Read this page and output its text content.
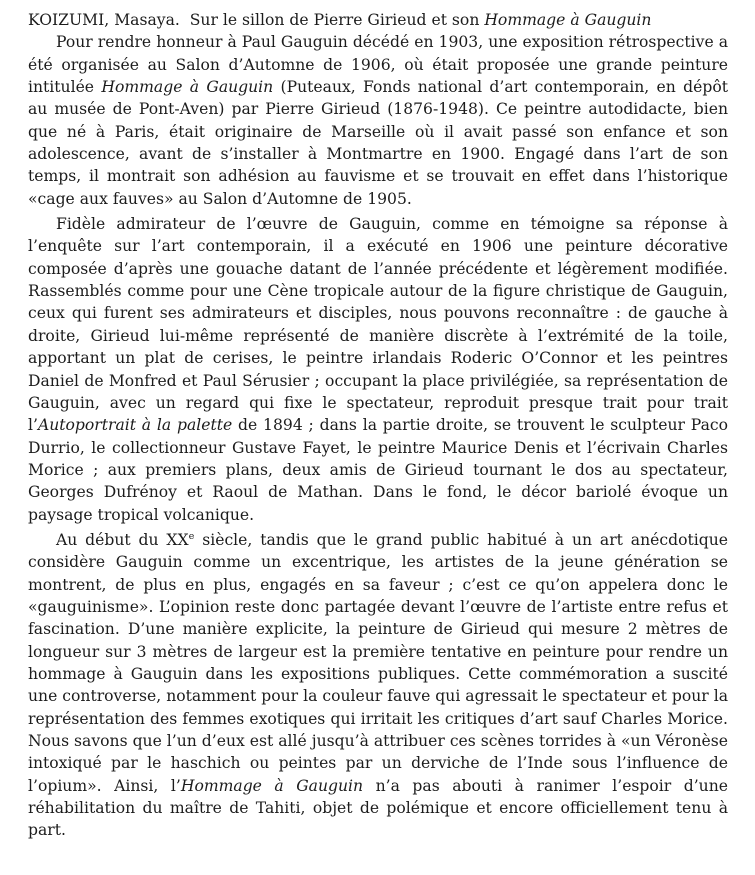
KOIZUMI, Masaya. Sur le sillon de Pierre Girieud et son Hommage à Gauguin

Pour rendre honneur à Paul Gauguin décédé en 1903, une exposition rétrospective a été organisée au Salon d’Automne de 1906, où était proposée une grande peinture intitulée Hommage à Gauguin (Puteaux, Fonds national d’art contemporain, en dépôt au musée de Pont-Aven) par Pierre Girieud (1876-1948). Ce peintre autodidacte, bien que né à Paris, était originaire de Marseille où il avait passé son enfance et son adolescence, avant de s’installer à Montmartre en 1900. Engagé dans l’art de son temps, il montrait son adhésion au fauvisme et se trouvait en effet dans l’historique «cage aux fauves» au Salon d’Automne de 1905.

Fidèle admirateur de l’œuvre de Gauguin, comme en témoigne sa réponse à l’enquête sur l’art contemporain, il a exécuté en 1906 une peinture décorative composée d’après une gouache datant de l’année précédente et légèrement modifiée. Rassemblés comme pour une Cène tropicale autour de la figure christique de Gauguin, ceux qui furent ses admirateurs et disciples, nous pouvons reconnaître : de gauche à droite, Girieud lui-même représenté de manière discrète à l’extrémité de la toile, apportant un plat de cerises, le peintre irlandais Roderic O’Connor et les peintres Daniel de Monfred et Paul Sérusier ; occupant la place privilégiée, sa représentation de Gauguin, avec un regard qui fixe le spectateur, reproduit presque trait pour trait l’Autoportrait à la palette de 1894 ; dans la partie droite, se trouvent le sculpteur Paco Durrio, le collectionneur Gustave Fayet, le peintre Maurice Denis et l’écrivain Charles Morice ; aux premiers plans, deux amis de Girieud tournant le dos au spectateur, Georges Dufrénoy et Raoul de Mathan. Dans le fond, le décor bariolé évoque un paysage tropical volcanique.

Au début du XXe siècle, tandis que le grand public habitué à un art anécdotique considère Gauguin comme un excentrique, les artistes de la jeune génération se montrent, de plus en plus, engagés en sa faveur ; c’est ce qu’on appelera donc le «gauguinisme». L’opinion reste donc partagée devant l’œuvre de l’artiste entre refus et fascination. D’une manière explicite, la peinture de Girieud qui mesure 2 mètres de longueur sur 3 mètres de largeur est la première tentative en peinture pour rendre un hommage à Gauguin dans les expositions publiques. Cette commémoration a suscité une controverse, notamment pour la couleur fauve qui agressait le spectateur et pour la représentation des femmes exotiques qui irritait les critiques d’art sauf Charles Morice. Nous savons que l’un d’eux est allé jusqu’à attribuer ces scènes torrides à «un Véronèse intoxiqué par le haschich ou peintes par un derviche de l’Inde sous l’influence de l’opium». Ainsi, l’Hommage à Gauguin n’a pas abouti à ranimer l’espoir d’une réhabilitation du maître de Tahiti, objet de polémique et encore officiellement tenu à part.
